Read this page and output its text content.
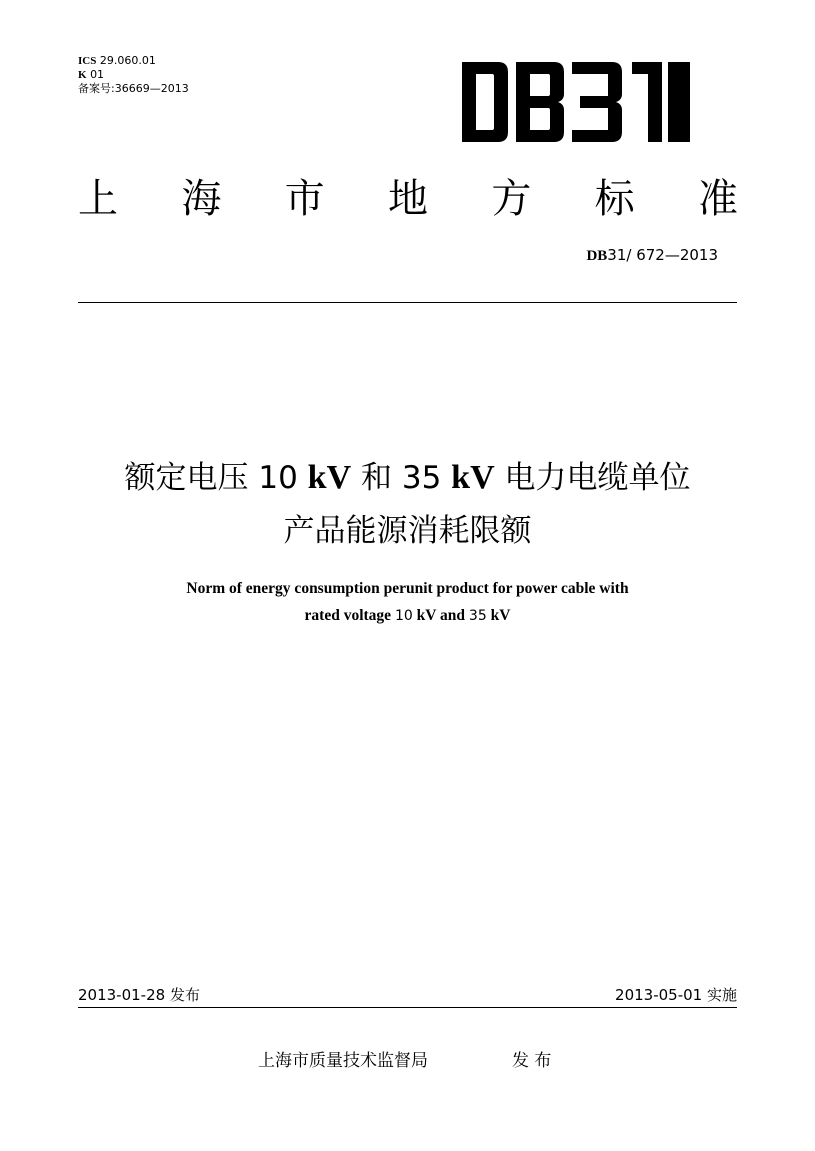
ICS 29.060.01
K 01
备案号:36669—2013
上 海 市 地 方 标 准
DB31/ 672—2013
额定电压 10 kV 和 35 kV 电力电缆单位
产品能源消耗限额
Norm of energy consumption perunit product for power cable with
rated voltage 10 kV and 35 kV
2013-01-28 发布	2013-05-01 实施
上海市质量技术监督局	发 布
